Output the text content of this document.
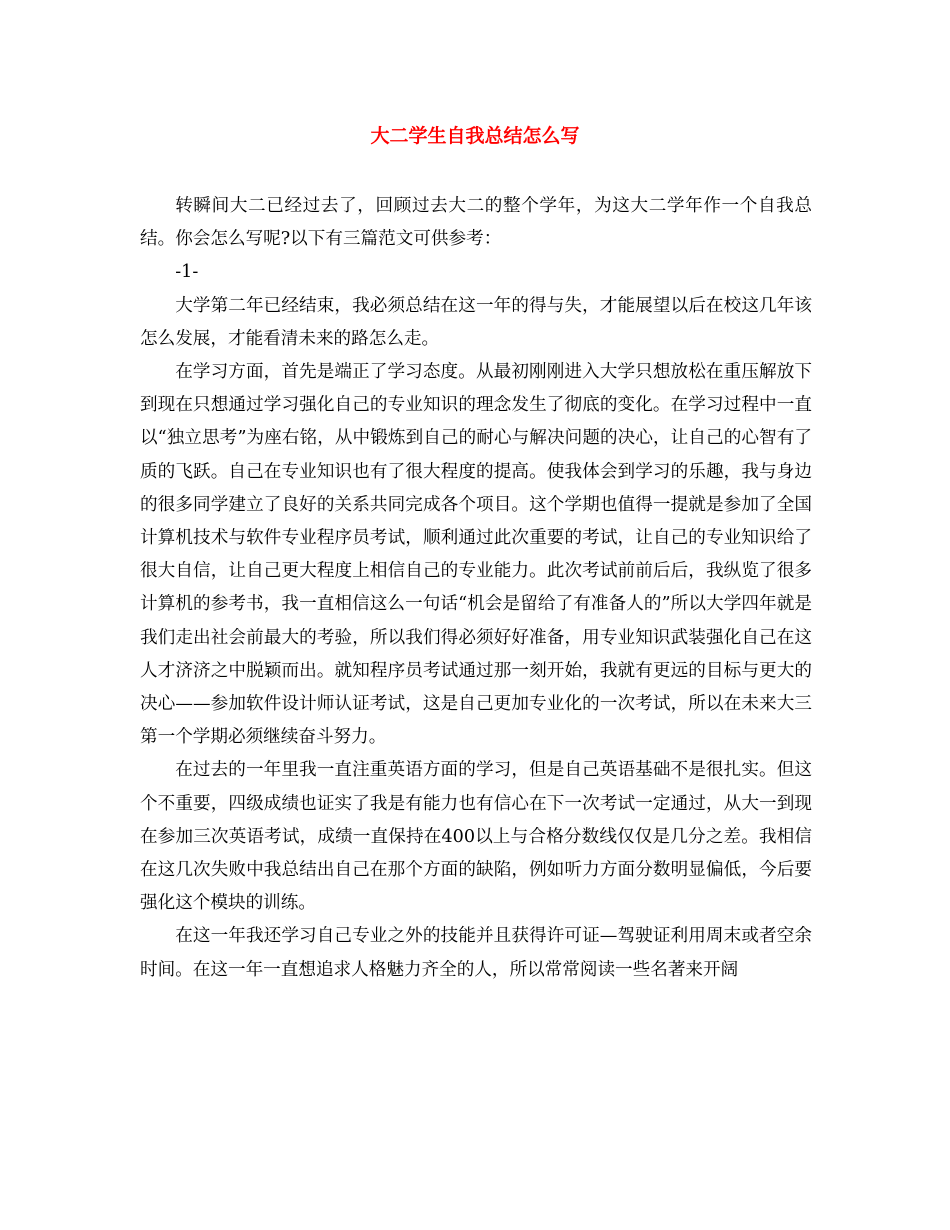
大二学生自我总结怎么写

转瞬间大二已经过去了，回顾过去大二的整个学年，为这大二学年作一个自我总结。你会怎么写呢?以下有三篇范文可供参考：

-1-

大学第二年已经结束，我必须总结在这一年的得与失，才能展望以后在校这几年该怎么发展，才能看清未来的路怎么走。

在学习方面，首先是端正了学习态度。从最初刚刚进入大学只想放松在重压解放下到现在只想通过学习强化自己的专业知识的理念发生了彻底的变化。在学习过程中一直以“独立思考”为座右铭，从中锻炼到自己的耐心与解决问题的决心，让自己的心智有了质的飞跃。自己在专业知识也有了很大程度的提高。使我体会到学习的乐趣，我与身边的很多同学建立了良好的关系共同完成各个项目。这个学期也值得一提就是参加了全国计算机技术与软件专业程序员考试，顺利通过此次重要的考试，让自己的专业知识给了很大自信，让自己更大程度上相信自己的专业能力。此次考试前前后后，我纵览了很多计算机的参考书，我一直相信这么一句话“机会是留给了有准备人的”所以大学四年就是我们走出社会前最大的考验，所以我们得必须好好准备，用专业知识武装强化自己在这人才济济之中脱颖而出。就知程序员考试通过那一刻开始，我就有更远的目标与更大的决心——参加软件设计师认证考试，这是自己更加专业化的一次考试，所以在未来大三第一个学期必须继续奋斗努力。

在过去的一年里我一直注重英语方面的学习，但是自己英语基础不是很扎实。但这个不重要，四级成绩也证实了我是有能力也有信心在下一次考试一定通过，从大一到现在参加三次英语考试，成绩一直保持在400以上与合格分数线仅仅是几分之差。我相信在这几次失败中我总结出自己在那个方面的缺陷，例如听力方面分数明显偏低，今后要强化这个模块的训练。

在这一年我还学习自己专业之外的技能并且获得许可证—驾驶证利用周末或者空余时间。在这一年一直想追求人格魅力齐全的人，所以常常阅读一些名著来开阔
